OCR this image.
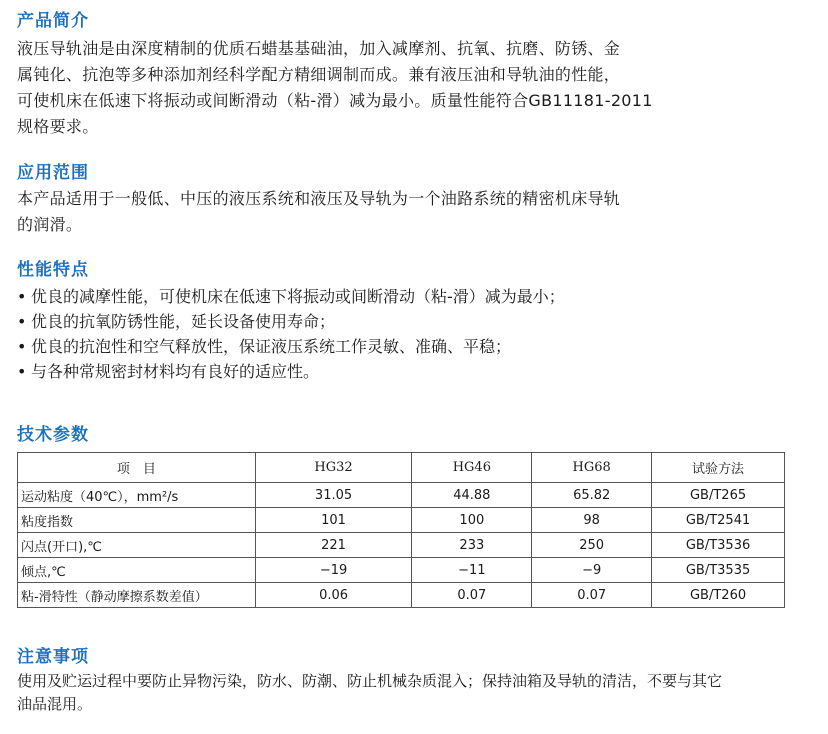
产品简介

液压导轨油是由深度精制的优质石蜡基基础油，加入减摩剂、抗氧、抗磨、防锈、金
属钝化、抗泡等多种添加剂经科学配方精细调制而成。兼有液压油和导轨油的性能，
可使机床在低速下将振动或间断滑动（粘-滑）减为最小。质量性能符合GB11181-2011
规格要求。

应用范围

本产品适用于一般低、中压的液压系统和液压及导轨为一个油路系统的精密机床导轨
的润滑。

性能特点
• 优良的减摩性能，可使机床在低速下将振动或间断滑动（粘-滑）减为最小；
• 优良的抗氧防锈性能，延长设备使用寿命；
• 优良的抗泡性和空气释放性，保证液压系统工作灵敏、准确、平稳；
• 与各种常规密封材料均有良好的适应性。
技术参数
项　目	HG32	HG46	HG68	试验方法
运动粘度（40℃），mm²/s	31.05	44.88	65.82	GB/T265
粘度指数	101	100	98	GB/T2541
闪点(开口),℃	221	233	250	GB/T3536
倾点,℃	−19	−11	−9	GB/T3535
粘-滑特性（静动摩擦系数差值）	0.06	0.07	0.07	GB/T260
注意事项

使用及贮运过程中要防止异物污染，防水、防潮、防止机械杂质混入；保持油箱及导轨的清洁，不要与其它
油品混用。
